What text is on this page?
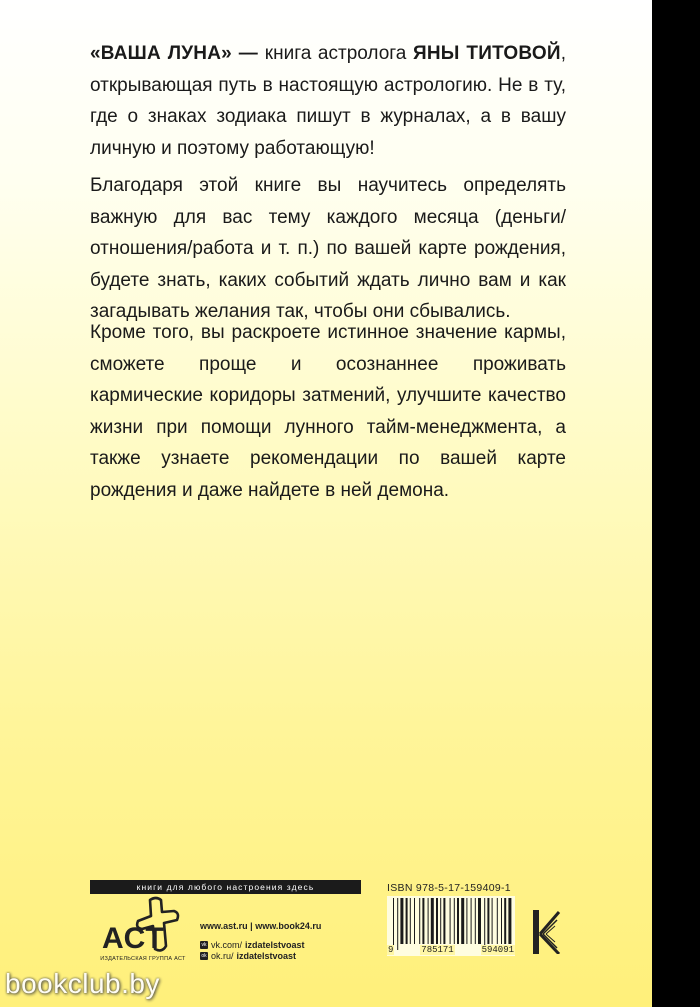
«ВАША ЛУНА» — книга астролога ЯНЫ ТИТОВОЙ, открывающая путь в настоящую астрологию. Не в ту, где о знаках зодиака пишут в журналах, а в вашу личную и поэтому работающую!

Благодаря этой книге вы научитесь определять важную для вас тему каждого месяца (деньги/отношения/работа и т. п.) по вашей карте рождения, будете знать, каких событий ждать лично вам и как загадывать желания так, чтобы они сбывались.

Кроме того, вы раскроете истинное значение кармы, сможете проще и осознаннее проживать кармические коридоры затмений, улучшите качество жизни при помощи лунного тайм-менеджмента, а также узнаете рекомендации по вашей карте рождения и даже найдете в ней демона.

книги для любого настроения здесь
ACT
ИЗДАТЕЛЬСКАЯ ГРУППА АСТ
www.ast.ru | www.book24.ru
vk vk.com/ izdatelstvoast
ok ok.ru/ izdatelstvoast
ISBN 978-5-17-159409-1
9	785171	594091
bookclub.by
